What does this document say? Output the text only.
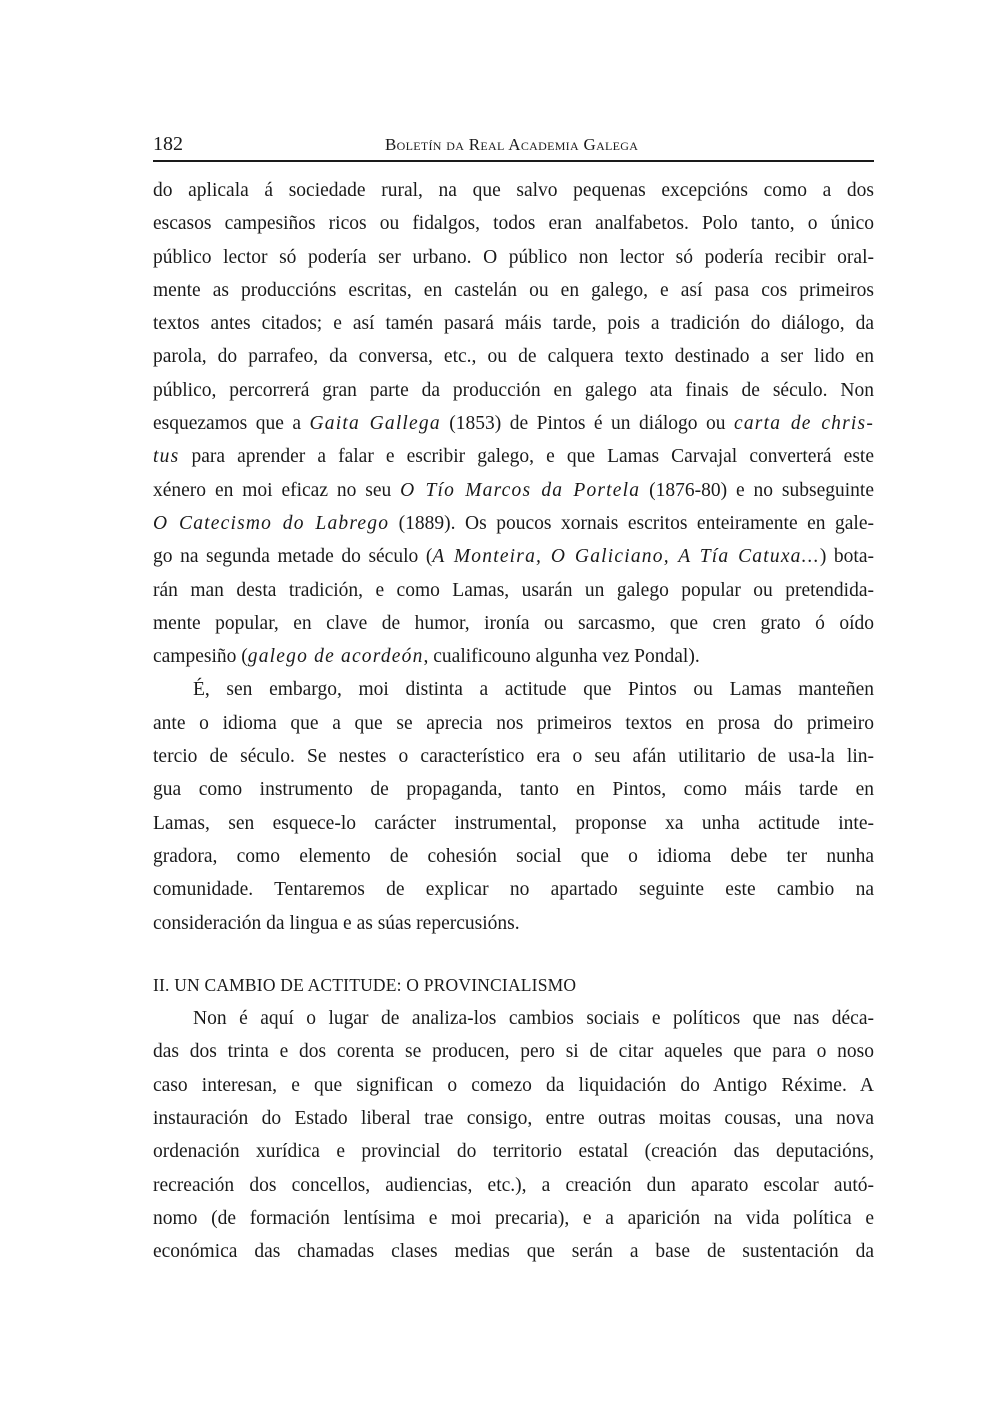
182	Boletín da Real Academia Galega
do aplicala á sociedade rural, na que salvo pequenas excepcións como a dos
escasos campesiños ricos ou fidalgos, todos eran analfabetos. Polo tanto, o único
público lector só podería ser urbano. O público non lector só podería recibir oral-
mente as produccións escritas, en castelán ou en galego, e así pasa cos primeiros
textos antes citados; e así tamén pasará máis tarde, pois a tradición do diálogo, da
parola, do parrafeo, da conversa, etc., ou de calquera texto destinado a ser lido en
público, percorrerá gran parte da producción en galego ata finais de século. Non
esquezamos que a Gaita Gallega (1853) de Pintos é un diálogo ou carta de chris-
tus para aprender a falar e escribir galego, e que Lamas Carvajal converterá este
xénero en moi eficaz no seu O Tío Marcos da Portela (1876-80) e no subseguinte
O Catecismo do Labrego (1889). Os poucos xornais escritos enteiramente en gale-
go na segunda metade do século (A Monteira, O Galiciano, A Tía Catuxa...) bota-
rán man desta tradición, e como Lamas, usarán un galego popular ou pretendida-
mente popular, en clave de humor, ironía ou sarcasmo, que cren grato ó oído
campesiño (galego de acordeón, cualificouno algunha vez Pondal).
É, sen embargo, moi distinta a actitude que Pintos ou Lamas manteñen
ante o idioma que a que se aprecia nos primeiros textos en prosa do primeiro
tercio de século. Se nestes o característico era o seu afán utilitario de usa-la lin-
gua como instrumento de propaganda, tanto en Pintos, como máis tarde en
Lamas, sen esquece-lo carácter instrumental, proponse xa unha actitude inte-
gradora, como elemento de cohesión social que o idioma debe ter nunha
comunidade. Tentaremos de explicar no apartado seguinte este cambio na
consideración da lingua e as súas repercusións.
II. UN CAMBIO DE ACTITUDE: O PROVINCIALISMO
Non é aquí o lugar de analiza-los cambios sociais e políticos que nas déca-
das dos trinta e dos corenta se producen, pero si de citar aqueles que para o noso
caso interesan, e que significan o comezo da liquidación do Antigo Réxime. A
instauración do Estado liberal trae consigo, entre outras moitas cousas, una nova
ordenación xurídica e provincial do territorio estatal (creación das deputacións,
recreación dos concellos, audiencias, etc.), a creación dun aparato escolar autó-
nomo (de formación lentísima e moi precaria), e a aparición na vida política e
económica das chamadas clases medias que serán a base de sustentación da
